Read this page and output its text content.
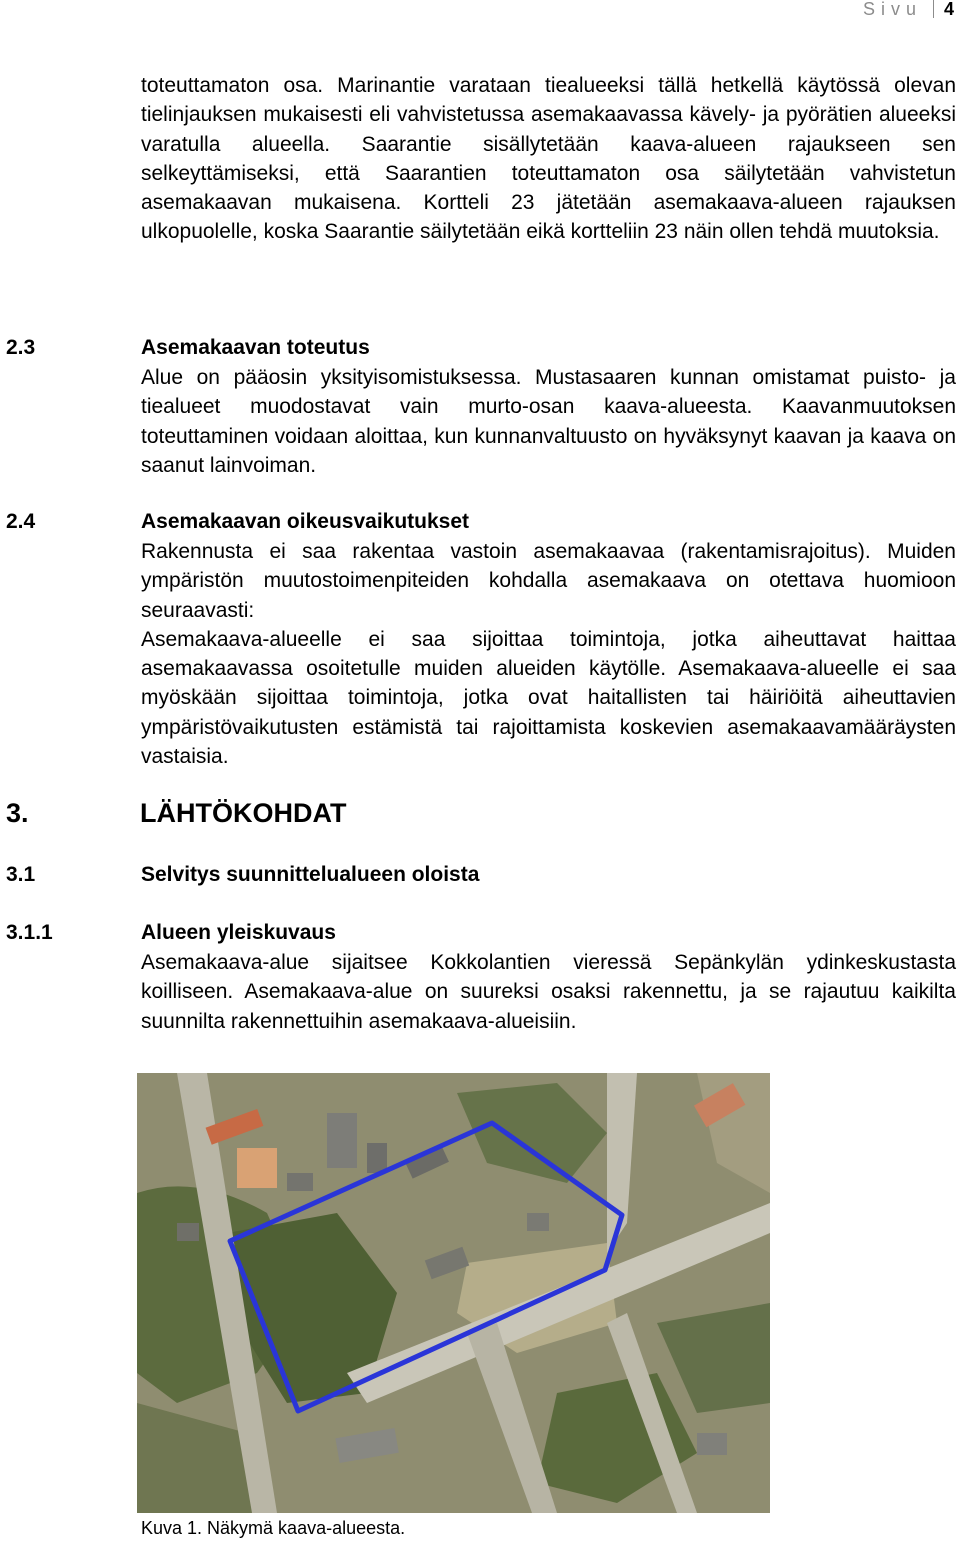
Sivu 4

toteuttamaton osa. Marinantie varataan tiealueeksi tällä hetkellä käytössä olevan tielinjauksen mukaisesti eli vahvistetussa asemakaavassa kävely- ja pyörätien alueeksi varatulla alueella. Saarantie sisällytetään kaava-alueen rajaukseen sen selkeyttämiseksi, että Saarantien toteuttamaton osa säilytetään vahvistetun asemakaavan mukaisena. Kortteli 23 jätetään asemakaava-alueen rajauksen ulkopuolelle, koska Saarantie säilytetään eikä kortteliin 23 näin ollen tehdä muutoksia.

2.3	Asemakaavan toteutus

Alue on pääosin yksityisomistuksessa. Mustasaaren kunnan omistamat puisto- ja tiealueet muodostavat vain murto-osan kaava-alueesta. Kaavanmuutoksen toteuttaminen voidaan aloittaa, kun kunnanvaltuusto on hyväksynyt kaavan ja kaava on saanut lainvoiman.

2.4	Asemakaavan oikeusvaikutukset

Rakennusta ei saa rakentaa vastoin asemakaavaa (rakentamisrajoitus). Muiden ympäristön muutostoimenpiteiden kohdalla asemakaava on otettava huomioon seuraavasti:

Asemakaava-alueelle ei saa sijoittaa toimintoja, jotka aiheuttavat haittaa asemakaavassa osoitetulle muiden alueiden käytölle. Asemakaava-alueelle ei saa myöskään sijoittaa toimintoja, jotka ovat haitallisten tai häiriöitä aiheuttavien ympäristövaikutusten estämistä tai rajoittamista koskevien asemakaavamääräysten vastaisia.

3.	LÄHTÖKOHDAT
3.1	Selvitys suunnittelualueen oloista
3.1.1	Alueen yleiskuvaus

Asemakaava-alue sijaitsee Kokkolantien vieressä Sepänkylän ydinkeskustasta koilliseen. Asemakaava-alue on suureksi osaksi rakennettu, ja se rajautuu kaikilta suunnilta rakennettuihin asemakaava-alueisiin.

Kuva 1. Näkymä kaava-alueesta.
